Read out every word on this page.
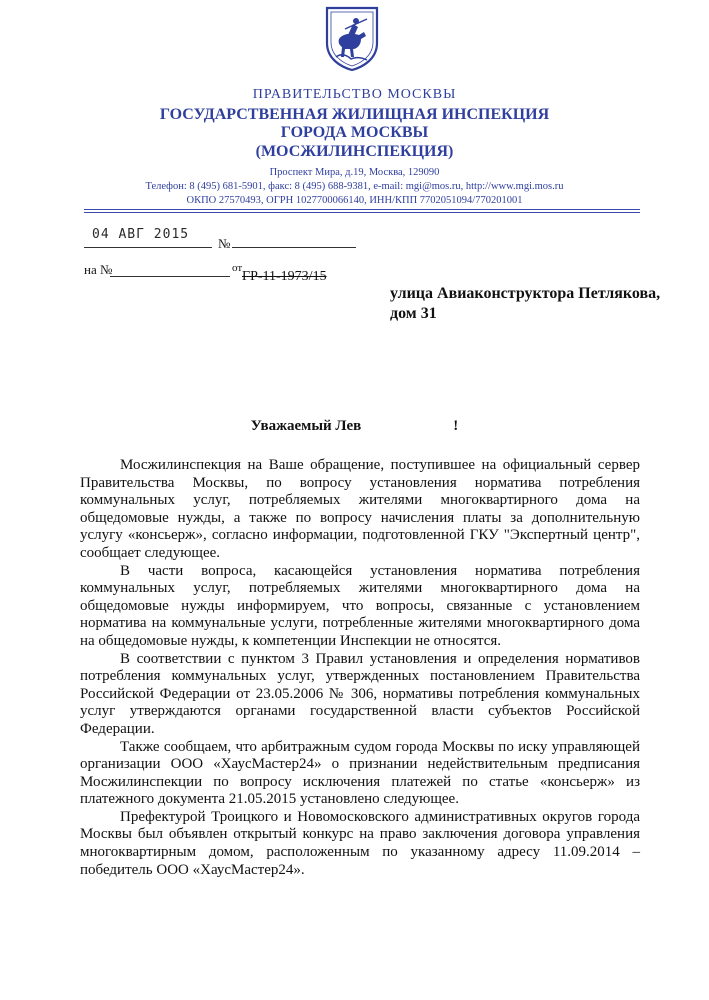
ПРАВИТЕЛЬСТВО МОСКВЫ
ГОСУДАРСТВЕННАЯ ЖИЛИЩНАЯ ИНСПЕКЦИЯ
ГОРОДА МОСКВЫ
(МОСЖИЛИНСПЕКЦИЯ)
Проспект Мира, д.19, Москва, 129090
Телефон: 8 (495) 681-5901, факс: 8 (495) 688-9381, e-mail: mgi@mos.ru, http://www.mgi.mos.ru
ОКПО 27570493, ОГРН 1027700066140, ИНН/КПП 7702051094/770201001
04 АВГ 2015
№
на №	от
ГР-11-1973/15
улица Авиаконструктора Петлякова,
дом 31
Уважаемый Лев	!

Мосжилинспекция на Ваше обращение, поступившее на официальный сервер Правительства Москвы, по вопросу установления норматива потребления коммунальных услуг, потребляемых жителями многоквартирного дома на общедомовые нужды, а также по вопросу начисления платы за дополнительную услугу «консьерж», согласно информации, подготовленной ГКУ "Экспертный центр", сообщает следующее.

В части вопроса, касающейся установления норматива потребления коммунальных услуг, потребляемых жителями многоквартирного дома на общедомовые нужды информируем, что вопросы, связанные с установлением норматива на коммунальные услуги, потребленные жителями многоквартирного дома на общедомовые нужды, к компетенции Инспекции не относятся.

В соответствии с пунктом 3 Правил установления и определения нормативов потребления коммунальных услуг, утвержденных постановлением Правительства Российской Федерации от 23.05.2006 № 306, нормативы потребления коммунальных услуг утверждаются органами государственной власти субъектов Российской Федерации.

Также сообщаем, что арбитражным судом города Москвы по иску управляющей организации ООО «ХаусМастер24» о признании недействительным предписания Мосжилинспекции по вопросу исключения платежей по статье «консьерж» из платежного документа 21.05.2015 установлено следующее.

Префектурой Троицкого и Новомосковского административных округов города Москвы был объявлен открытый конкурс на право заключения договора управления многоквартирным домом, расположенным по указанному адресу 11.09.2014 – победитель ООО «ХаусМастер24».
